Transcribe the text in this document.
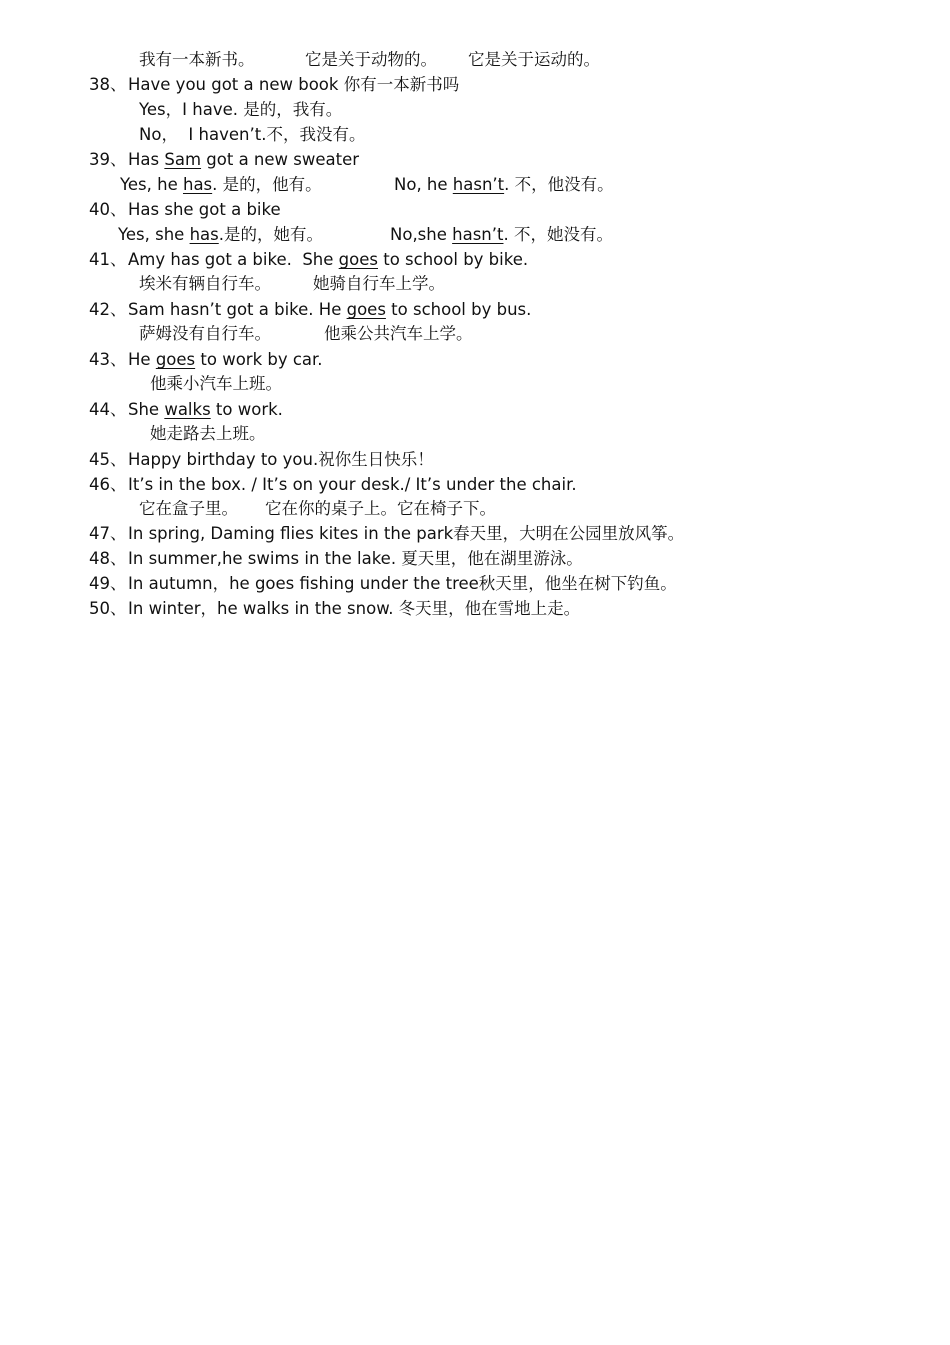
我有一本新书。	它是关于动物的。 它是关于运动的。
38、Have you got a new book 你有一本新书吗
Yes，I have. 是的，我有。
No，  I haven’t.不，我没有。
39、Has Sam got a new sweater
Yes, he has. 是的，他有。	No, he hasn’t. 不，他没有。
40、Has she got a bike
Yes, she has.是的，她有。	No,she hasn’t. 不，她没有。
41、Amy has got a bike.  She goes to school by bike.
埃米有辆自行车。	她骑自行车上学。
42、Sam hasn’t got a bike. He goes to school by bus.
萨姆没有自行车。	他乘公共汽车上学。
43、He goes to work by car.
他乘小汽车上班。
44、She walks to work.
她走路去上班。
45、Happy birthday to you.祝你生日快乐！
46、It’s in the box. / It’s on your desk./ It’s under the chair.
它在盒子里。 它在你的桌子上。它在椅子下。
47、In spring, Daming flies kites in the park春天里，大明在公园里放风筝。
48、In summer,he swims in the lake. 夏天里，他在湖里游泳。
49、In autumn，he goes fishing under the tree秋天里，他坐在树下钓鱼。
50、In winter，he walks in the snow. 冬天里，他在雪地上走。
